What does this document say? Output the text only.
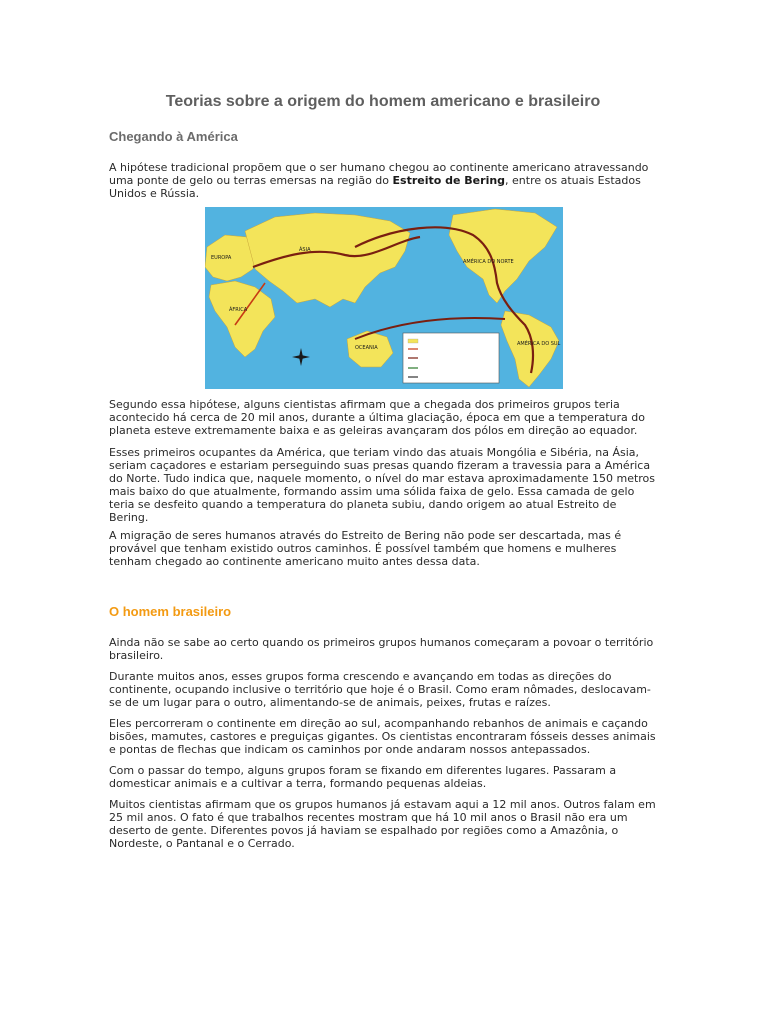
Teorias sobre a origem do homem americano e brasileiro
Chegando à América

A hipótese tradicional propõem que o ser humano chegou ao continente americano atravessando uma ponte de gelo ou terras emersas na região do Estreito de Bering, entre os atuais Estados Unidos e Rússia.

ÁSIA
EUROPA
ÁFRICA
OCEANIA
AMÉRICA DO NORTE
AMÉRICA DO SUL

Segundo essa hipótese, alguns cientistas afirmam que a chegada dos primeiros grupos teria acontecido há cerca de 20 mil anos, durante a última glaciação, época em que a temperatura do planeta esteve extremamente baixa e as geleiras avançaram dos pólos em direção ao equador.

Esses primeiros ocupantes da América, que teriam vindo das atuais Mongólia e Sibéria, na Ásia, seriam caçadores e estariam perseguindo suas presas quando fizeram a travessia para a América do Norte. Tudo indica que, naquele momento, o nível do mar estava aproximadamente 150 metros mais baixo do que atualmente, formando assim uma sólida faixa de gelo. Essa camada de gelo teria se desfeito quando a temperatura do planeta subiu, dando origem ao atual Estreito de Bering.

A migração de seres humanos através do Estreito de Bering não pode ser descartada, mas é provável que tenham existido outros caminhos. É possível também que homens e mulheres tenham chegado ao continente americano muito antes dessa data.

O homem brasileiro

Ainda não se sabe ao certo quando os primeiros grupos humanos começaram a povoar o território brasileiro.

Durante muitos anos, esses grupos forma crescendo e avançando em todas as direções do continente, ocupando inclusive o território que hoje é o Brasil. Como eram nômades, deslocavam-se de um lugar para o outro, alimentando-se de animais, peixes, frutas e raízes.

Eles percorreram o continente em direção ao sul, acompanhando rebanhos de animais e caçando bisões, mamutes, castores e preguiças gigantes. Os cientistas encontraram fósseis desses animais e pontas de flechas que indicam os caminhos por onde andaram nossos antepassados.

Com o passar do tempo, alguns grupos foram se fixando em diferentes lugares. Passaram a domesticar animais e a cultivar a terra, formando pequenas aldeias.

Muitos cientistas afirmam que os grupos humanos já estavam aqui a 12 mil anos. Outros falam em 25 mil anos. O fato é que trabalhos recentes mostram que há 10 mil anos o Brasil não era um deserto de gente. Diferentes povos já haviam se espalhado por regiões como a Amazônia, o Nordeste, o Pantanal e o Cerrado.
